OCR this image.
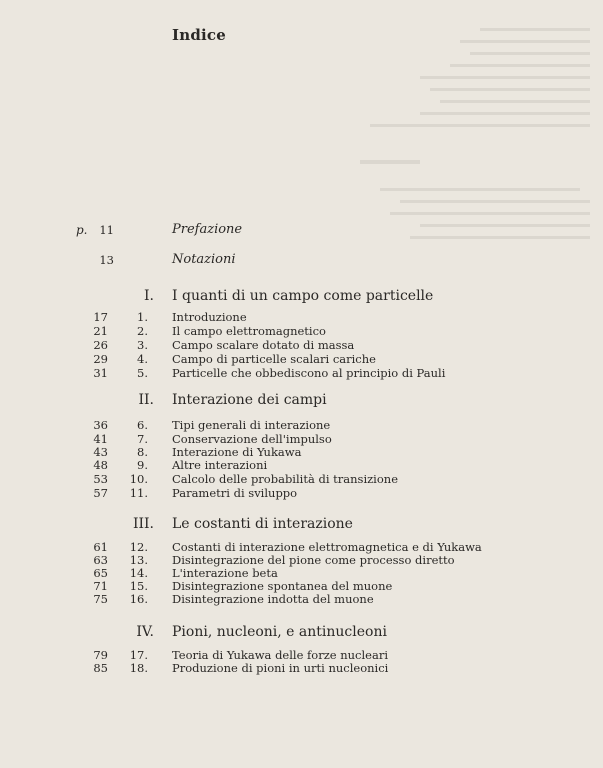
Indice
p.	11	Prefazione
13	Notazioni
I. I quanti di un campo come particelle
17	1. Introduzione
21	2. Il campo elettromagnetico
26	3. Campo scalare dotato di massa
29	4. Campo di particelle scalari cariche
31	5. Particelle che obbediscono al principio di Pauli
II. Interazione dei campi
36	6. Tipi generali di interazione
41	7. Conservazione dell'impulso
43	8. Interazione di Yukawa
48	9. Altre interazioni
53	10. Calcolo delle probabilità di transizione
57	11. Parametri di sviluppo
III. Le costanti di interazione
61	12. Costanti di interazione elettromagnetica e di Yukawa
63	13. Disintegrazione del pione come processo diretto
65	14. L'interazione beta
71	15. Disintegrazione spontanea del muone
75	16. Disintegrazione indotta del muone
IV. Pioni, nucleoni, e antinucleoni
79	17. Teoria di Yukawa delle forze nucleari
85	18. Produzione di pioni in urti nucleonici
